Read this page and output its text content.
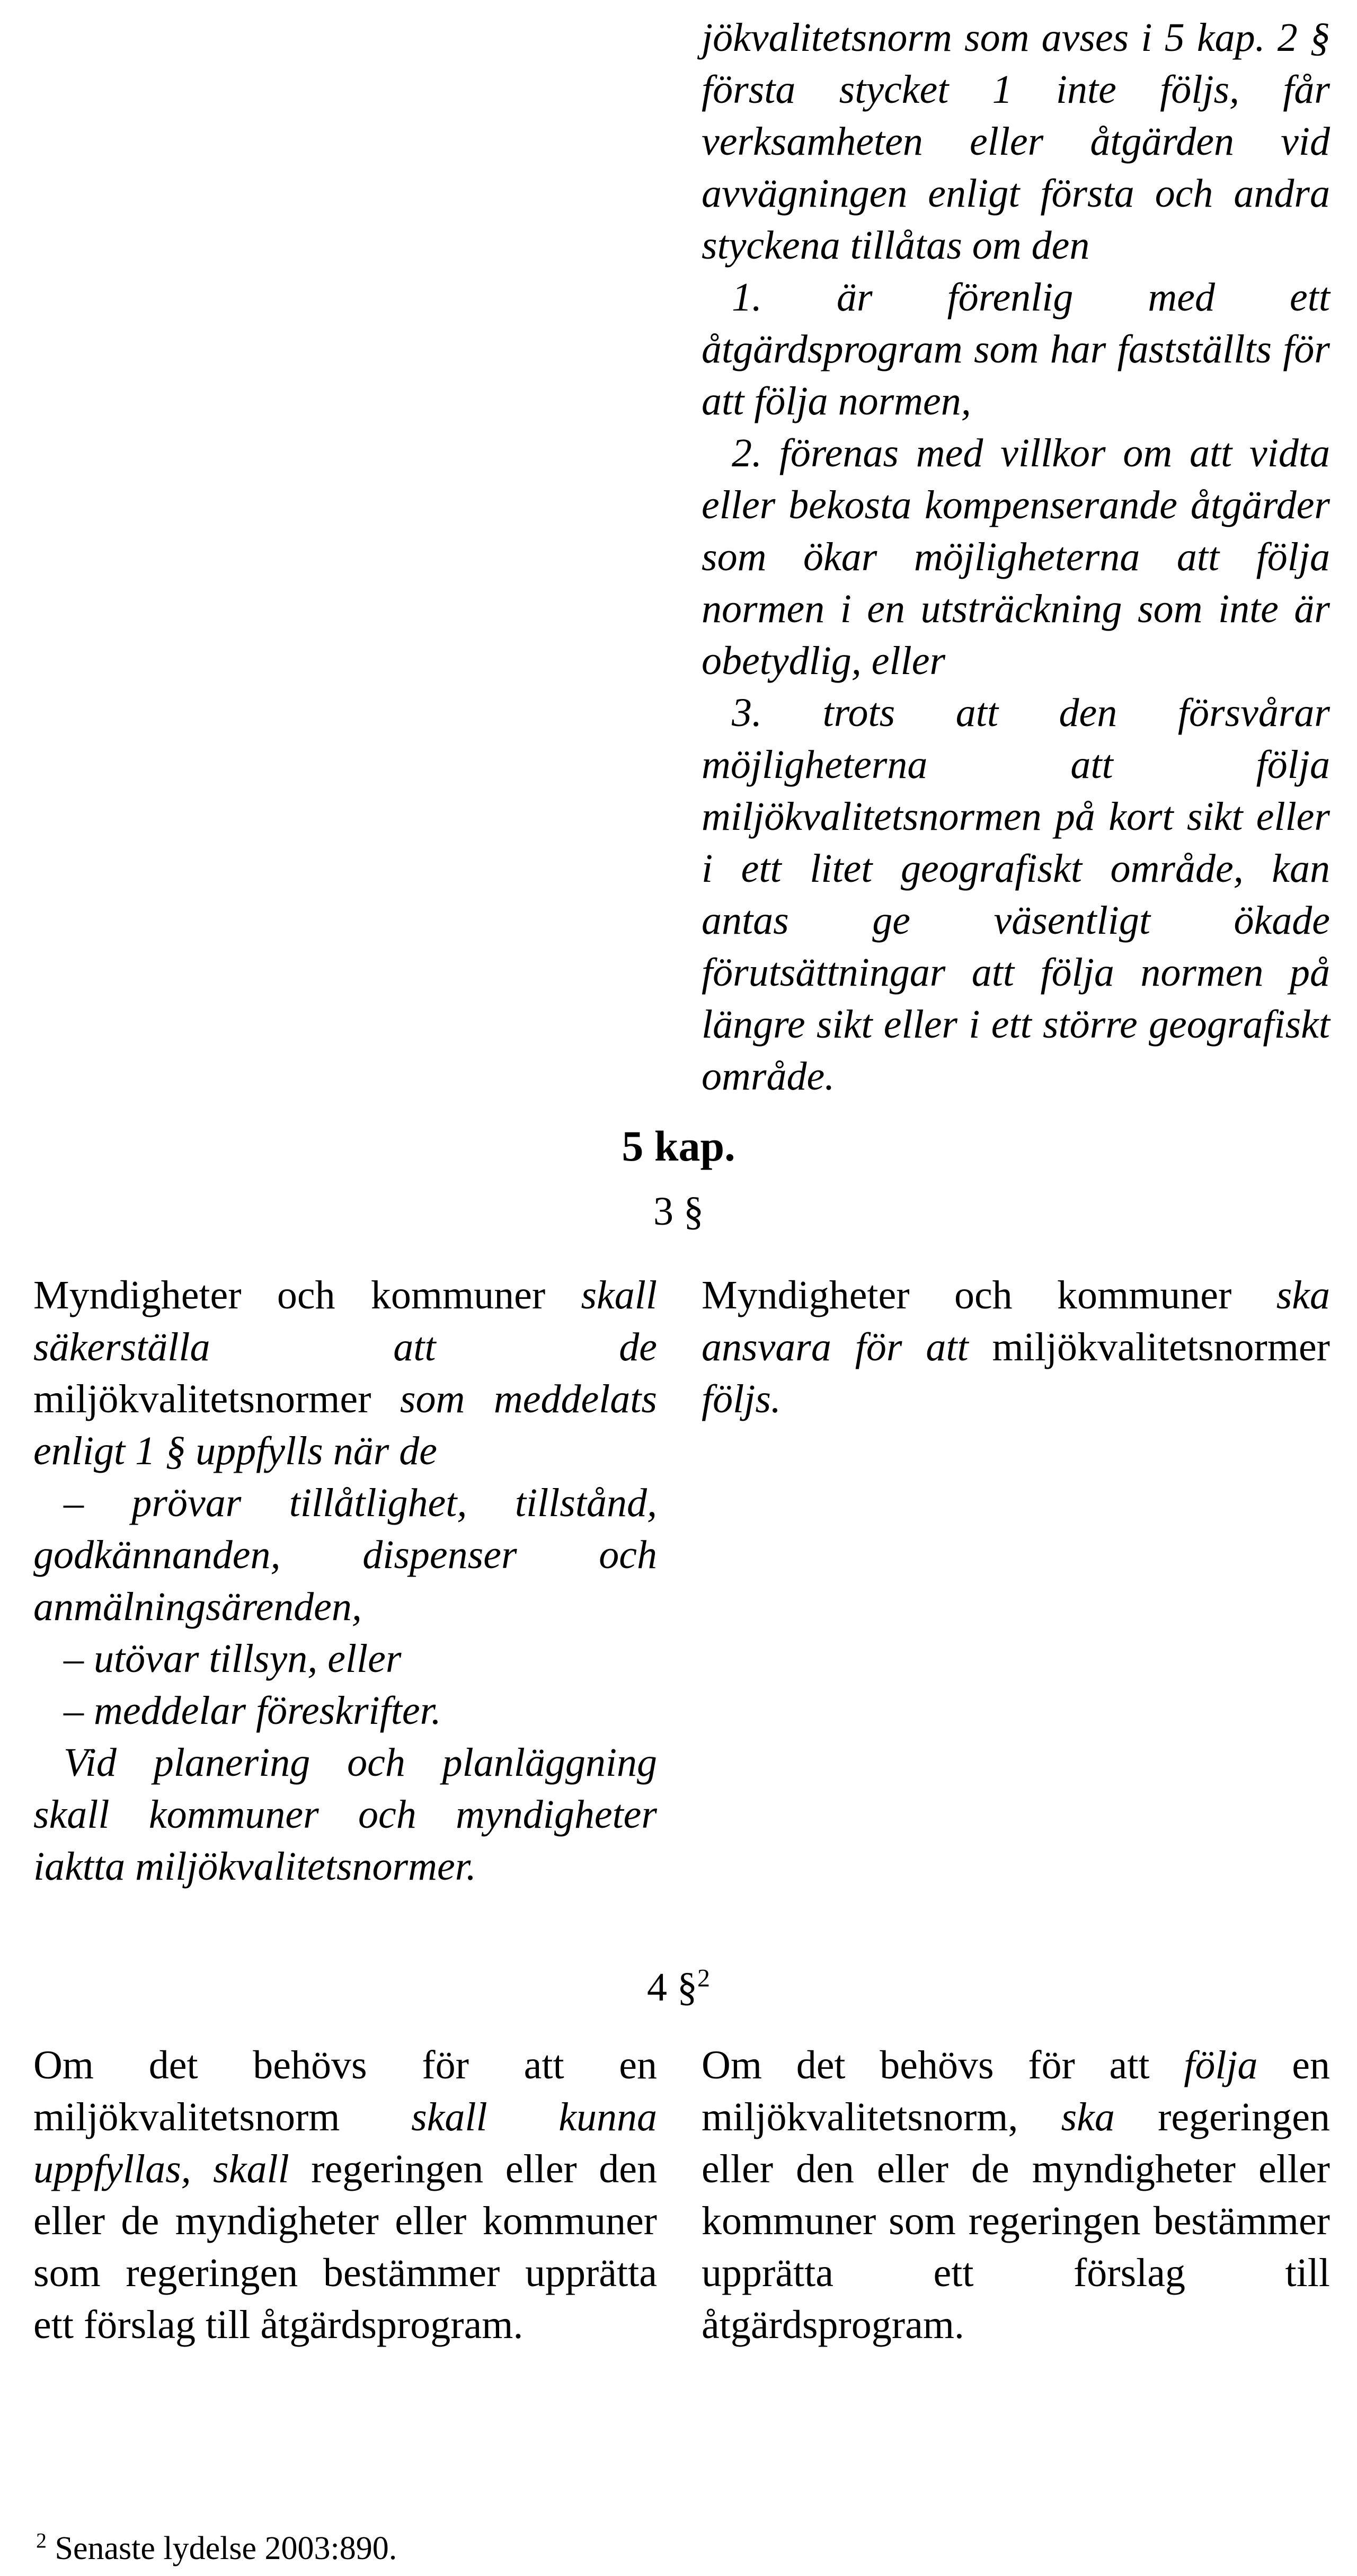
jökvalitetsnorm som avses i 5 kap. 2 § första stycket 1 inte följs, får verksamheten eller åtgärden vid avvägningen enligt första och andra styckena tillåtas om den

1. är förenlig med ett åtgärdsprogram som har fastställts för att följa normen,

2. förenas med villkor om att vidta eller bekosta kompenserande åtgärder som ökar möjligheterna att följa normen i en utsträckning som inte är obetydlig, eller

3. trots att den försvårar möjligheterna att följa miljökvalitetsnormen på kort sikt eller i ett litet geografiskt område, kan antas ge väsentligt ökade förutsättningar att följa normen på längre sikt eller i ett större geografiskt område.

5 kap.
3 §

Myndigheter och kommuner skall säkerställa att de miljökvalitetsnormer som meddelats enligt 1 § uppfylls när de

– prövar tillåtlighet, tillstånd, godkännanden, dispenser och anmälningsärenden,

– utövar tillsyn, eller

– meddelar föreskrifter.

Vid planering och planläggning skall kommuner och myndigheter iaktta miljökvalitetsnormer.

Myndigheter och kommuner ska ansvara för att miljökvalitetsnormer följs.

4 §$^2$

Om det behövs för att en miljökvalitetsnorm skall kunna uppfyllas, skall regeringen eller den eller de myndigheter eller kommuner som regeringen bestämmer upprätta ett förslag till åtgärdsprogram.

Om det behövs för att följa en miljökvalitetsnorm, ska regeringen eller den eller de myndigheter eller kommuner som regeringen bestämmer upprätta ett förslag till åtgärdsprogram.

$^2$ Senaste lydelse 2003:890.
